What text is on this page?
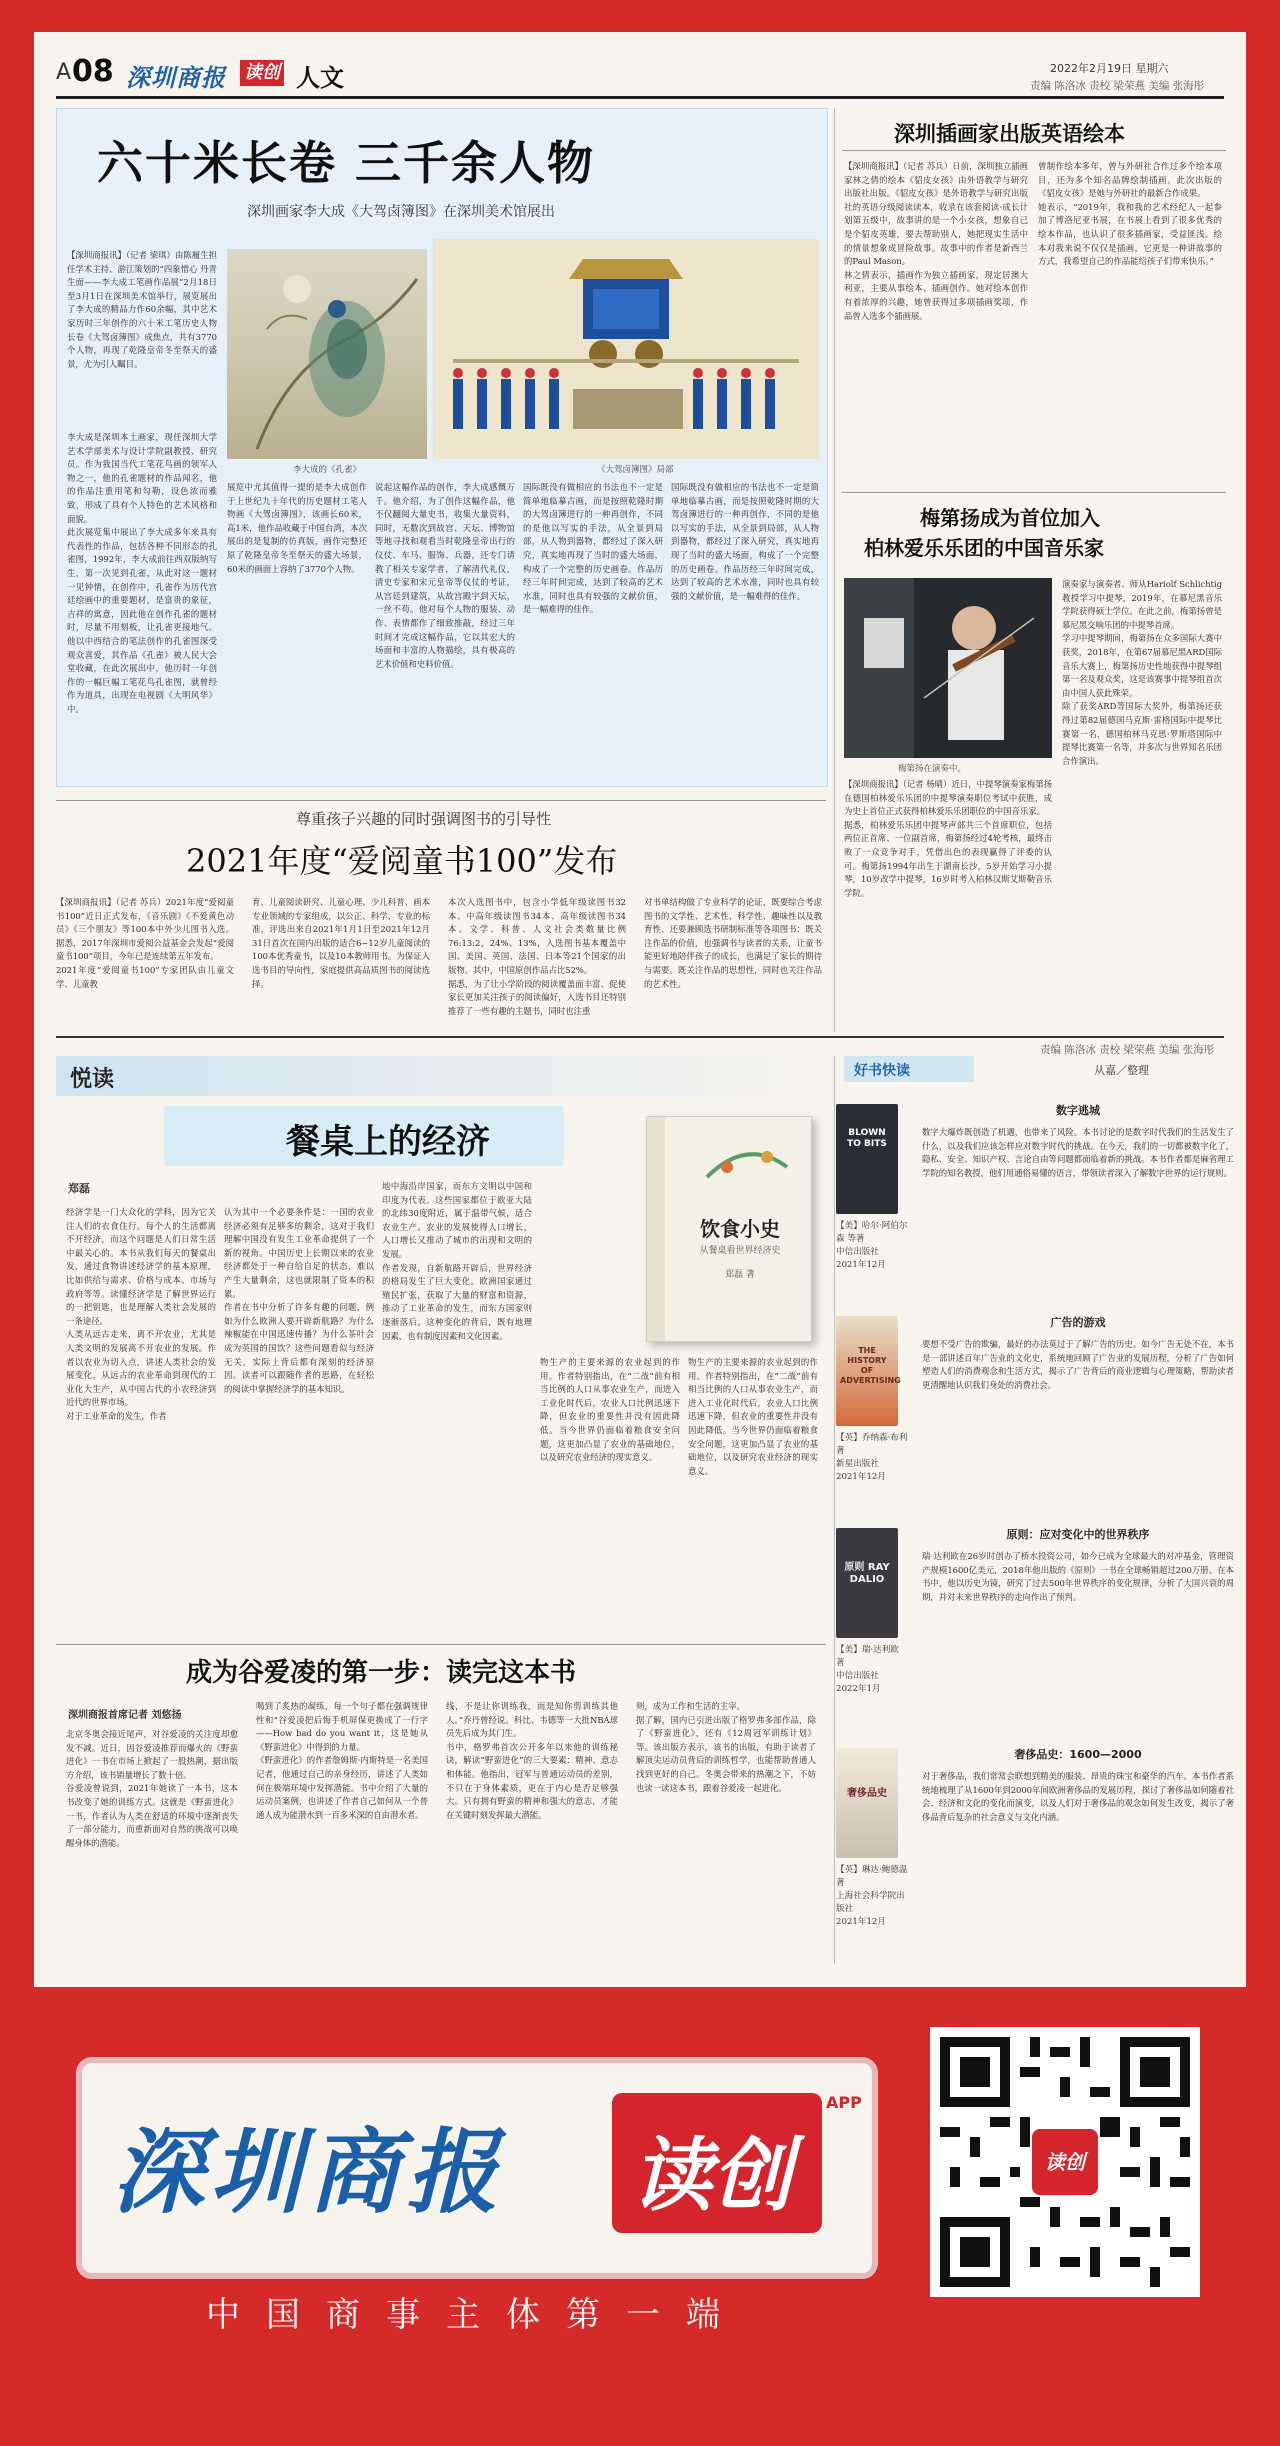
A 08 深圳商报 读创 人文	2022年2月19日 星期六
责编 陈洛冰 责校 梁荣燕 美编 张海彤
六十米长卷 三千余人物
深圳画家李大成《大驾卤簿图》在深圳美术馆展出
【深圳商报讯】（记者 梁琪）由陈履生担任学术主持、游江策划的“四象惜心 丹青生面——李大成工笔画作品展”2月18日至3月1日在深圳美术馆举行，展览展出了李大成的精品力作60余幅，其中艺术家历时三年创作的六十米工笔历史人物长卷《大驾卤簿图》成焦点，共有3770个人物，再现了乾隆皇帝冬至祭天的盛景，尤为引人瞩目。
李大成是深圳本土画家，现任深圳大学艺术学部美术与设计学院副教授、研究员。作为我国当代工笔花鸟画的领军人物之一，他的孔雀题材的作品闻名，他的作品注重用笔和勾勒，设色浓而雅致，形成了具有个人特色的艺术风格和面貌。
此次展览集中展出了李大成多年来具有代表性的作品，包括各种不同形态的孔雀图，1992年，李大成前往西双版纳写生，第一次见到孔雀，从此对这一题材一见钟情，在创作中，孔雀作为历代宫廷绘画中的重要题材，是富贵的象征，吉祥的寓意，因此他在创作孔雀的题材时，尽量不用刻板，让孔雀更接地气。他以中西结合的笔法创作的孔雀图深受观众喜爱，其作品《孔雀》被人民大会堂收藏，在此次展出中，他历时一年创作的一幅巨幅工笔花鸟孔雀图，就曾经作为道具，出现在电视剧《大明风华》中。
李大成的《孔雀》	《大驾卤簿图》局部
展览中尤其值得一提的是李大成创作于上世纪九十年代的历史题材工笔人物画《大驾卤簿图》，该画长60米，高1米，他作品收藏于中国台湾，本次展出的是复制的仿真版，画作完整还原了乾隆皇帝冬至祭天的盛大场景，60米的画面上容纳了3770个人物。
说起这幅作品的创作，李大成感慨万千。他介绍，为了创作这幅作品，他不仅翻阅大量史书，收集大量资料，同时，无数次到故宫、天坛、博物馆等地寻找和观看当时乾隆皇帝出行的仪仗、车马、服饰、兵器，还专门请教了相关专家学者，了解清代礼仪，清史专家和宋元皇帝等仪仗的考证，从宫廷到建筑，从故宫殿宇到天坛，一丝不苟。他对每个人物的服装、动作、表情都作了细致推敲，经过三年时间才完成这幅作品，它以其宏大的场面和丰富的人物描绘，具有极高的艺术价值和史料价值。
国际既没有做相应的书法也不一定是简单地临摹古画，而是按照乾隆时期的大驾卤簿进行的一种再创作，不同的是他以写实的手法，从全景到局部，从人物到器物，都经过了深入研究，真实地再现了当时的盛大场面，构成了一个完整的历史画卷。作品历经三年时间完成，达到了较高的艺术水准，同时也具有较强的文献价值，是一幅难得的佳作。
国际既没有做相应的书法也不一定是简单地临摹古画，而是按照乾隆时期的大驾卤簿进行的一种再创作，不同的是他以写实的手法，从全景到局部，从人物到器物，都经过了深入研究，真实地再现了当时的盛大场面，构成了一个完整的历史画卷。作品历经三年时间完成，达到了较高的艺术水准，同时也具有较强的文献价值，是一幅难得的佳作。
尊重孩子兴趣的同时强调图书的引导性
2021年度“爱阅童书100”发布
【深圳商报讯】（记者 苏兵）2021年度“爱阅童书100”近日正式发布，《音乐剧》《不爱黄色动员》《三个朋友》等100本中外少儿图书入选。据悉，2017年深圳市爱阅公益基金会发起“爱阅童书100”项目，今年已是连续第五年发布。
2021年度“爱阅童书100”专家团队由儿童文学、儿童教
育、儿童阅读研究、儿童心理、少儿科普、画本专业领域的专家组成，以公正、科学、专业的标准，评选出来自2021年1月1日至2021年12月31日首次在国内出版的适合6~12岁儿童阅读的100本优秀童书，以及10本教师用书。为保证入选书目的导向性，家庭提供高品质图书的阅读选择。
本次入选图书中，包含小学低年级读图书32本、中高年级读图书34本、高年级读图书34本。文学、科普、人文社会类数量比例76:13:2，24%、13%，入选图书基本覆盖中国、美国、英国、法国、日本等21个国家的出版物。其中，中国原创作品占比52%。
据悉，为了让小学阶段的阅读覆盖面丰富、促使家长更加关注孩子的阅读偏好，入选书目还特别推荐了一些有趣的主题书，同时也注重
对书单结构做了专业科学的论证，既要综合考虑图书的文学性、艺术性、科学性、趣味性以及教育性、还要兼顾选书研制标准等各项图书：既关注作品的价值，也强调书与读者的关系，让童书能更好地陪伴孩子的成长，也满足了家长的期待与需要。既关注作品的思想性，同时也关注作品的艺术性。
深圳插画家出版英语绘本
【深圳商报讯】（记者 苏兵）日前，深圳独立插画家林之倩的绘本《貂皮女孩》由外语教学与研究出版社出版。《貂皮女孩》是外语教学与研究出版社的英语分级阅读读本，收录在该套阅读·成长计划第五级中，故事讲的是一个小女孩，想象自己是个貂皮英雄，要去帮助别人，她把现实生活中的情景想象成冒险故事。故事中的作者是新西兰的Paul Mason。
林之倩表示，插画作为独立插画家，现定居澳大利亚，主要从事绘本、插画创作。她对绘本创作有着浓厚的兴趣，她曾获得过多项插画奖项，作品曾入选多个插画展。
曾制作绘本多年，曾与外研社合作过多个绘本项目，还为多个知名品牌绘制插画。此次出版的《貂皮女孩》是她与外研社的最新合作成果。
她表示，“2019年，我和我的艺术经纪人一起参加了博洛尼亚书展，在书展上看到了很多优秀的绘本作品，也认识了很多插画家，受益匪浅。绘本对我来说不仅仅是插画，它更是一种讲故事的方式，我希望自己的作品能给孩子们带来快乐。”
梅第扬成为首位加入
柏林爱乐乐团的中国音乐家
梅第扬在演奏中。
【深圳商报讯】（记者 杨晴）近日，中提琴演奏家梅第扬在德国柏林爱乐乐团的中提琴演奏职位考试中获胜，成为史上首位正式获得柏林爱乐乐团职位的中国音乐家。
据悉，柏林爱乐乐团中提琴声部共三个首席职位，包括两位正首席、一位副首席，梅第扬经过4轮考核，最终击败了一众竞争对手，凭借出色的表现赢得了评委的认可。梅第扬1994年出生于湖南长沙，5岁开始学习小提琴，10岁改学中提琴，16岁时考入柏林汉斯艾斯勒音乐学院。
演奏家与演奏者、师从Hariolf Schlichtig教授学习中提琴，2019年，在慕尼黑音乐学院获得硕士学位。在此之前，梅第扬曾是慕尼黑交响乐团的中提琴首席。
学习中提琴期间，梅第扬在众多国际大赛中获奖，2018年，在第67届慕尼黑ARD国际音乐大赛上，梅第扬历史性地获得中提琴组第一名及观众奖，这是该赛事中提琴组首次由中国人获此殊荣。
除了获奖ARD等国际大奖外，梅第扬还获得过第82届德国马克斯·雷格国际中提琴比赛第一名，德国柏林马克思·罗斯塔国际中提琴比赛第一名等，并多次与世界知名乐团合作演出。
责编 陈洛冰 责校 梁荣燕 美编 张海彤
悦读
餐桌上的经济
郑磊
经济学是一门大众化的学科，因为它关注人们的衣食住行。每个人的生活都离不开经济，而这个问题是人们日常生活中最关心的。本书从我们每天的餐桌出发，通过食物讲述经济学的基本原理，比如供给与需求、价格与成本、市场与政府等等。读懂经济学是了解世界运行的一把钥匙，也是理解人类社会发展的一条途径。
人类从远古走来，离不开农业，尤其是人类文明的发展离不开农业的发展。作者以农业为切入点，讲述人类社会的发展变化，从远古的农业革命到现代的工业化大生产，从中国古代的小农经济到近代的世界市场。
对于工业革命的发生，作者
认为其中一个必要条件是：一国的农业经济必须有足够多的剩余，这对于我们理解中国没有发生工业革命提供了一个新的视角。中国历史上长期以来的农业经济都处于一种自给自足的状态，难以产生大量剩余，这也就限制了资本的积累。
作者在书中分析了许多有趣的问题，例如为什么欧洲人要开辟新航路？为什么辣椒能在中国迅速传播？为什么茶叶会成为英国的国饮？这些问题看似与经济无关，实际上背后都有深刻的经济原因。读者可以跟随作者的思路，在轻松的阅读中掌握经济学的基本知识。
地中海沿岸国家，而东方文明以中国和印度为代表。这些国家都位于欧亚大陆的北纬30度附近，属于温带气候，适合农业生产。农业的发展使得人口增长，人口增长又推动了城市的出现和文明的发展。
作者发现，自新航路开辟后，世界经济的格局发生了巨大变化。欧洲国家通过殖民扩张，获取了大量的财富和资源，推动了工业革命的发生，而东方国家则逐渐落后。这种变化的背后，既有地理因素，也有制度因素和文化因素。
饮食小史
从餐桌看世界经济史
郑磊 著
物生产的主要来源的农业起到的作用。作者特别指出，在“二战”前有相当比例的人口从事农业生产，而进入工业化时代后，农业人口比例迅速下降，但农业的重要性并没有因此降低。当今世界仍面临着粮食安全问题，这更加凸显了农业的基础地位，以及研究农业经济的现实意义。
物生产的主要来源的农业起到的作用。作者特别指出，在“二战”前有相当比例的人口从事农业生产，而进入工业化时代后，农业人口比例迅速下降，但农业的重要性并没有因此降低。当今世界仍面临着粮食安全问题，这更加凸显了农业的基础地位，以及研究农业经济的现实意义。
成为谷爱凌的第一步：读完这本书
深圳商报首席记者 刘悠扬
北京冬奥会接近尾声，对谷爱凌的关注度却愈发不减。近日，因谷爱凌推荐而爆火的《野蛮进化》一书在市场上掀起了一股热潮，据出版方介绍，该书销量增长了数十倍。
谷爱凌曾说到，2021年她读了一本书，这本书改变了她的训练方式。这就是《野蛮进化》一书，作者认为人类在舒适的环境中逐渐丧失了一部分能力，而重新面对自然的挑战可以唤醒身体的潜能。
喝到了炙热的凝练，每一个句子都在强调规律性和“谷爱凌把后悔手机屏保更换成了一行字——How bad do you want it，这是她从《野蛮进化》中得到的力量。
《野蛮进化》的作者詹姆斯·内斯特是一名美国记者，他通过自己的亲身经历，讲述了人类如何在极端环境中发挥潜能。书中介绍了大量的运动员案例，也讲述了作者自己如何从一个普通人成为能潜水到一百多米深的自由潜水者。
线，不是让你训练我，而是知你剪训练其他人。”乔丹曾经说。科比、韦德等一大批NBA球员先后成为其门生。
书中，格罗弗首次公开多年以来他的训练秘诀，解读“野蛮进化”的三大要素：精神、意志和体能。他指出，冠军与普通运动员的差别，不只在于身体素质，更在于内心是否足够强大。只有拥有野蛮的精神和强大的意志，才能在关键时刻发挥最大潜能。
则，成为工作和生活的主宰。
据了解，国内已引进出版了格罗弗多部作品，除了《野蛮进化》，还有《12周冠军训练计划》等。该出版方表示，该书的出版，有助于读者了解顶尖运动员背后的训练哲学，也能帮助普通人找到更好的自己。冬奥会带来的热潮之下，不妨也读一读这本书，跟着谷爱凌一起进化。
好书快读	从嘉／整理
BLOWN TO BITS
【美】哈尔·阿伯尔森 等著
中信出版社
2021年12月
数字逃城
数字大爆炸既创造了机遇，也带来了风险。本书讨论的是数字时代我们的生活发生了什么，以及我们应该怎样应对数字时代的挑战。在今天，我们的一切都被数字化了，隐私、安全、知识产权、言论自由等问题都面临着新的挑战。本书作者都是麻省理工学院的知名教授，他们用通俗易懂的语言，带领读者深入了解数字世界的运行规则。
THE HISTORY OF ADVERTISING
【英】乔纳森·布利 著
新星出版社
2021年12月
广告的游戏
要想不受广告的欺骗，最好的办法莫过于了解广告的历史。如今广告无处不在，本书是一部讲述百年广告业的文化史，系统地回顾了广告业的发展历程，分析了广告如何塑造人们的消费观念和生活方式，揭示了广告背后的商业逻辑与心理策略，帮助读者更清醒地认识我们身处的消费社会。
原则 RAY DALIO
【美】瑞·达利欧 著
中信出版社
2022年1月
原则：应对变化中的世界秩序
瑞·达利欧在26岁时创办了桥水投资公司，如今已成为全球最大的对冲基金，管理资产规模1600亿美元，2018年他出版的《原则》一书在全球畅销超过200万册。在本书中，他以历史为镜，研究了过去500年世界秩序的变化规律，分析了大国兴衰的周期，并对未来世界秩序的走向作出了预判。
奢侈品史
【英】琳达·鲍德温 著
上海社会科学院出版社
2021年12月
奢侈品史：1600—2000
对于奢侈品，我们常常会联想到精美的服装、昂贵的珠宝和豪华的汽车。本书作者系统地梳理了从1600年到2000年间欧洲奢侈品的发展历程，探讨了奢侈品如何随着社会、经济和文化的变化而演变，以及人们对于奢侈品的观念如何发生改变，揭示了奢侈品背后复杂的社会意义与文化内涵。
深圳商报 读创
APP
中国商事主体第一端
读创
